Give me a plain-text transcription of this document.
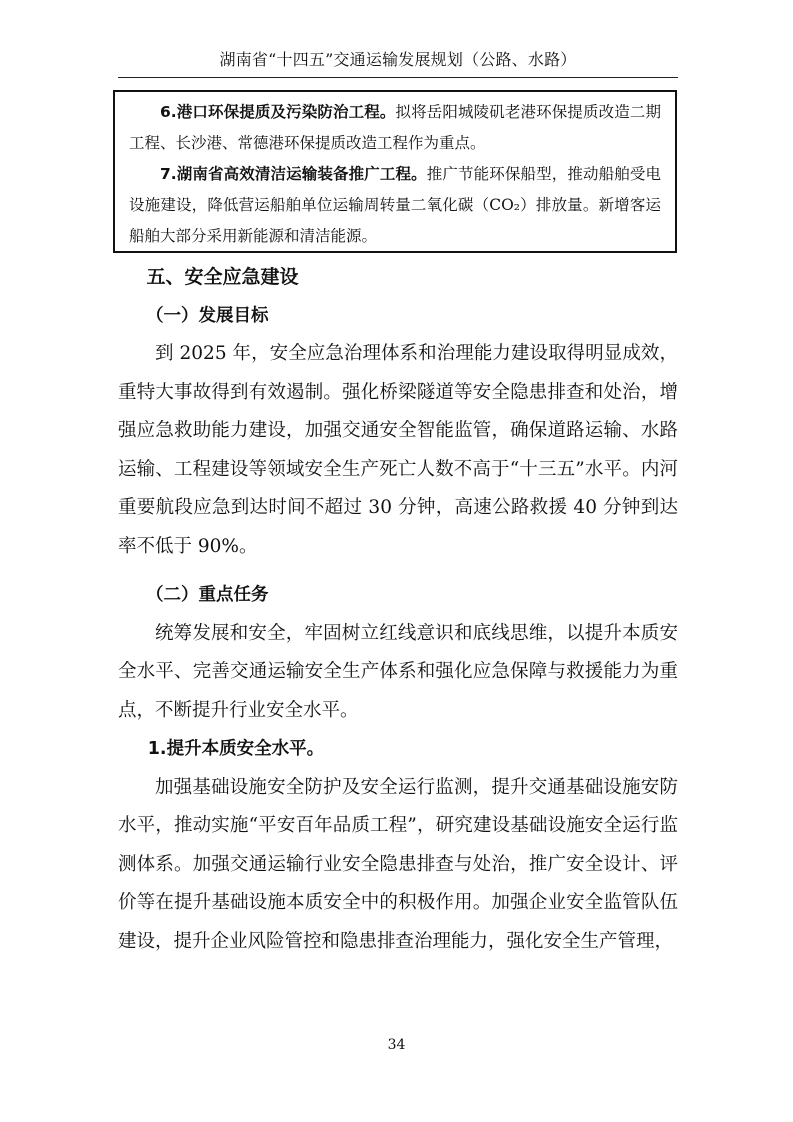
湖南省“十四五”交通运输发展规划（公路、水路）

6.港口环保提质及污染防治工程。拟将岳阳城陵矶老港环保提质改造二期工程、长沙港、常德港环保提质改造工程作为重点。

7.湖南省高效清洁运输装备推广工程。推广节能环保船型，推动船舶受电设施建设，降低营运船舶单位运输周转量二氧化碳（CO₂）排放量。新增客运船舶大部分采用新能源和清洁能源。

五、安全应急建设

（一）发展目标

到 2025 年，安全应急治理体系和治理能力建设取得明显成效，重特大事故得到有效遏制。强化桥梁隧道等安全隐患排查和处治，增强应急救助能力建设，加强交通安全智能监管，确保道路运输、水路运输、工程建设等领域安全生产死亡人数不高于“十三五”水平。内河重要航段应急到达时间不超过 30 分钟，高速公路救援 40 分钟到达率不低于 90%。

（二）重点任务

统筹发展和安全，牢固树立红线意识和底线思维，以提升本质安全水平、完善交通运输安全生产体系和强化应急保障与救援能力为重点，不断提升行业安全水平。

1.提升本质安全水平。

加强基础设施安全防护及安全运行监测，提升交通基础设施安防水平，推动实施“平安百年品质工程”，研究建设基础设施安全运行监测体系。加强交通运输行业安全隐患排查与处治，推广安全设计、评价等在提升基础设施本质安全中的积极作用。加强企业安全监管队伍建设，提升企业风险管控和隐患排查治理能力，强化安全生产管理，

34
